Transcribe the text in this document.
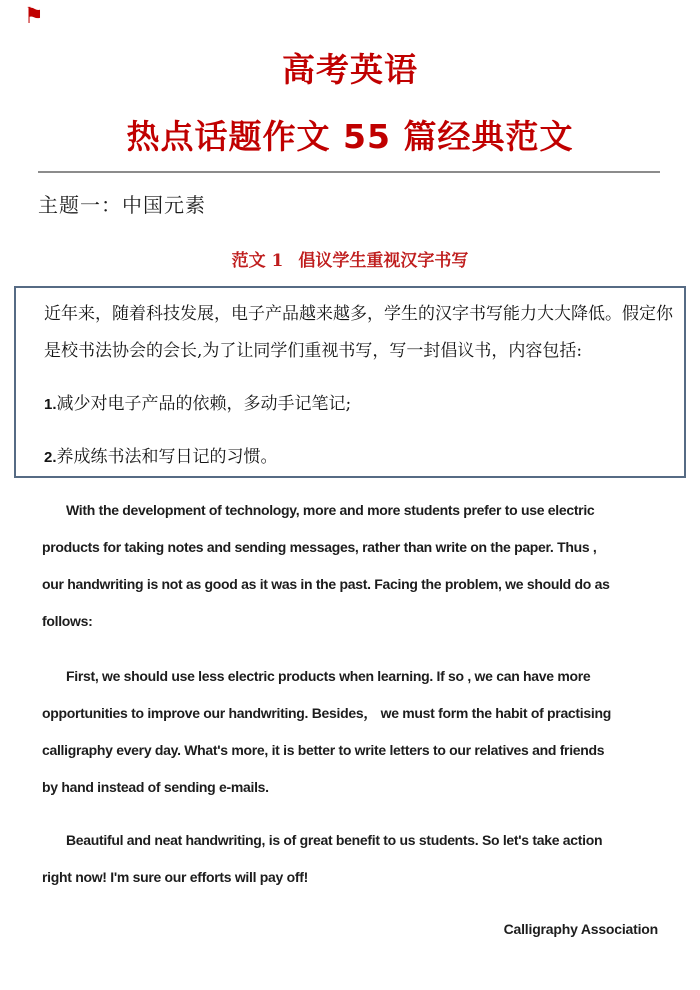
⚑
高考英语
热点话题作文 55 篇经典范文
主题一：中国元素
范文 1 倡议学生重视汉字书写
近年来，随着科技发展，电子产品越来越多，学生的汉字书写能力大大降低。假定你
是校书法协会的会长,为了让同学们重视书写，写一封倡议书，内容包括:
1.减少对电子产品的依赖，多动手记笔记;
2.养成练书法和写日记的习惯。
With the development of technology, more and more students prefer to use electric
products for taking notes and sending messages, rather than write on the paper. Thus ,
our handwriting is not as good as it was in the past. Facing the problem, we should do as
follows:
First, we should use less electric products when learning. If so , we can have more
opportunities to improve our handwriting. Besides， we must form the habit of practising
calligraphy every day. What's more, it is better to write letters to our relatives and friends
by hand instead of sending e-mails.
Beautiful and neat handwriting, is of great benefit to us students. So let's take action
right now! I'm sure our efforts will pay off!
Calligraphy Association
